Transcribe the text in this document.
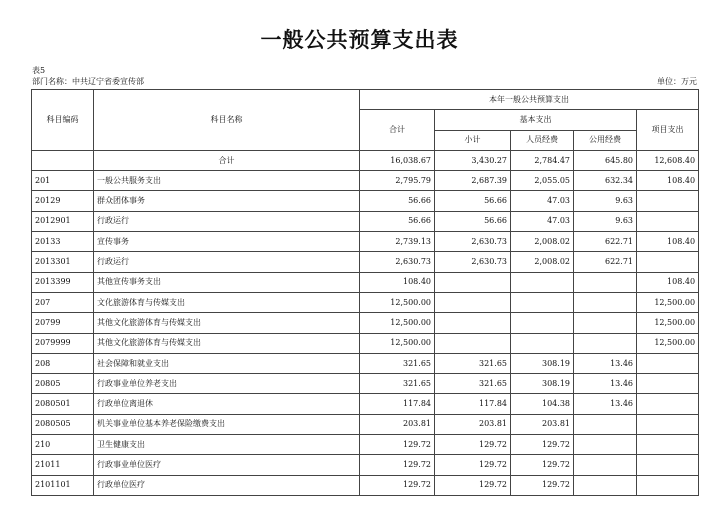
一般公共预算支出表
表5
部门名称：中共辽宁省委宣传部	单位：万元
科目编码	科目名称	本年一般公共预算支出				
		合计	基本支出			项目支出
			小计	人员经费	公用经费	
	合计	16,038.67	3,430.27	2,784.47	645.80	12,608.40
201	一般公共服务支出	2,795.79	2,687.39	2,055.05	632.34	108.40
20129	群众团体事务	56.66	56.66	47.03	9.63	
2012901	行政运行	56.66	56.66	47.03	9.63	
20133	宣传事务	2,739.13	2,630.73	2,008.02	622.71	108.40
2013301	行政运行	2,630.73	2,630.73	2,008.02	622.71	
2013399	其他宣传事务支出	108.40				108.40
207	文化旅游体育与传媒支出	12,500.00				12,500.00
20799	其他文化旅游体育与传媒支出	12,500.00				12,500.00
2079999	其他文化旅游体育与传媒支出	12,500.00				12,500.00
208	社会保障和就业支出	321.65	321.65	308.19	13.46	
20805	行政事业单位养老支出	321.65	321.65	308.19	13.46	
2080501	行政单位离退休	117.84	117.84	104.38	13.46	
2080505	机关事业单位基本养老保险缴费支出	203.81	203.81	203.81		
210	卫生健康支出	129.72	129.72	129.72		
21011	行政事业单位医疗	129.72	129.72	129.72		
2101101	行政单位医疗	129.72	129.72	129.72		
